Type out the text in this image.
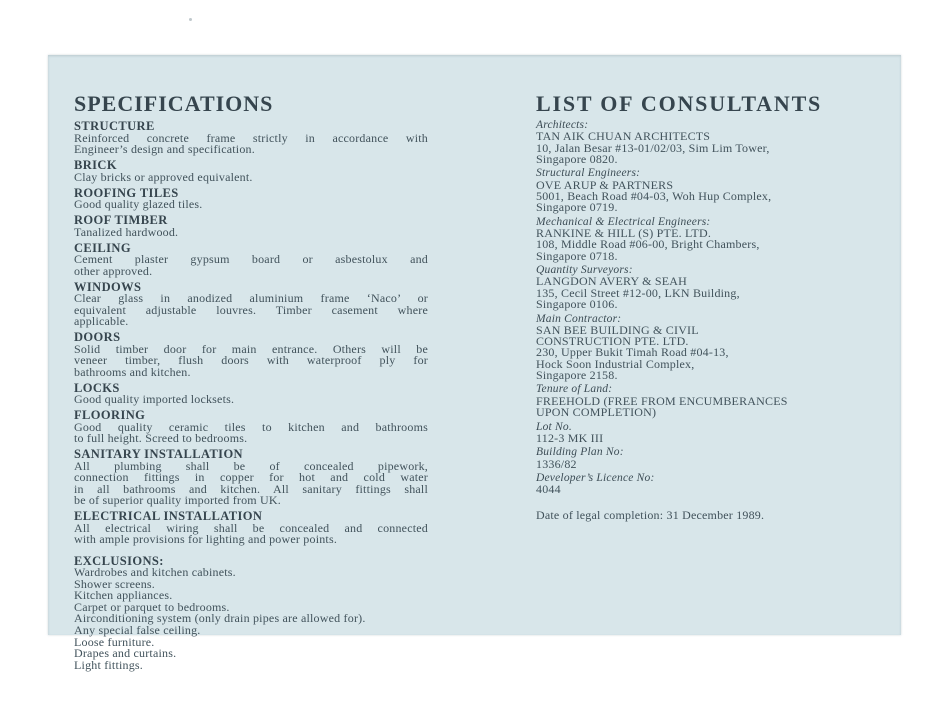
SPECIFICATIONS
STRUCTURE
Reinforced concrete frame strictly in accordance with
Engineer’s design and specification.
BRICK
Clay bricks or approved equivalent.
ROOFING TILES
Good quality glazed tiles.
ROOF TIMBER
Tanalized hardwood.
CEILING
Cement plaster gypsum board or asbestolux and
other approved.
WINDOWS
Clear glass in anodized aluminium frame ‘Naco’ or
equivalent adjustable louvres. Timber casement where
applicable.
DOORS
Solid timber door for main entrance. Others will be
veneer timber, flush doors with waterproof ply for
bathrooms and kitchen.
LOCKS
Good quality imported locksets.
FLOORING
Good quality ceramic tiles to kitchen and bathrooms
to full height. Screed to bedrooms.
SANITARY INSTALLATION
All plumbing shall be of concealed pipework,
connection fittings in copper for hot and cold water
in all bathrooms and kitchen. All sanitary fittings shall
be of superior quality imported from UK.
ELECTRICAL INSTALLATION
All electrical wiring shall be concealed and connected
with ample provisions for lighting and power points.
EXCLUSIONS:
Wardrobes and kitchen cabinets.
Shower screens.
Kitchen appliances.
Carpet or parquet to bedrooms.
Airconditioning system (only drain pipes are allowed for).
Any special false ceiling.
Loose furniture.
Drapes and curtains.
Light fittings.
LIST OF CONSULTANTS
Architects:
TAN AIK CHUAN ARCHITECTS
10, Jalan Besar #13-01/02/03, Sim Lim Tower,
Singapore 0820.
Structural Engineers:
OVE ARUP & PARTNERS
5001, Beach Road #04-03, Woh Hup Complex,
Singapore 0719.
Mechanical & Electrical Engineers:
RANKINE & HILL (S) PTE. LTD.
108, Middle Road #06-00, Bright Chambers,
Singapore 0718.
Quantity Surveyors:
LANGDON AVERY & SEAH
135, Cecil Street #12-00, LKN Building,
Singapore 0106.
Main Contractor:
SAN BEE BUILDING & CIVIL
CONSTRUCTION PTE. LTD.
230, Upper Bukit Timah Road #04-13,
Hock Soon Industrial Complex,
Singapore 2158.
Tenure of Land:
FREEHOLD (FREE FROM ENCUMBERANCES
UPON COMPLETION)
Lot No.
112-3 MK III
Building Plan No:
1336/82
Developer’s Licence No:
4044
Date of legal completion: 31 December 1989.
